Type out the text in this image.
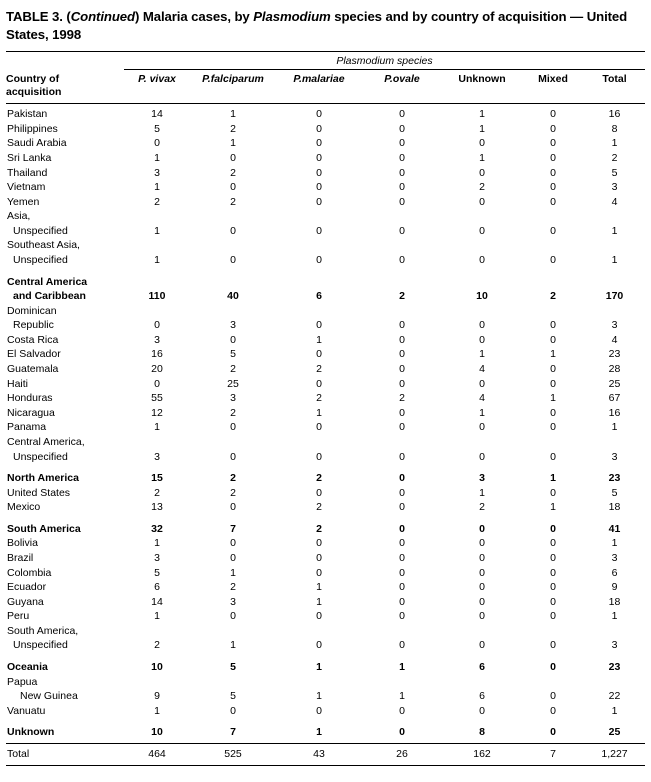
TABLE 3. (Continued) Malaria cases, by Plasmodium species and by country of acquisition — United States, 1998

	Plasmodium species						

Country of
acquisition	P. vivax	P.falciparum	P.malariae	P.ovale	Unknown	Mixed	Total

Pakistan	14	1	0	0	1	0	16
Philippines	5	2	0	0	1	0	8
Saudi Arabia	0	1	0	0	0	0	1
Sri Lanka	1	0	0	0	1	0	2
Thailand	3	2	0	0	0	0	5
Vietnam	1	0	0	0	2	0	3
Yemen	2	2	0	0	0	0	4
Asia,							
Unspecified	1	0	0	0	0	0	1
Southeast Asia,							
Unspecified	1	0	0	0	0	0	1

Central America							
and Caribbean	110	40	6	2	10	2	170
Dominican							
Republic	0	3	0	0	0	0	3
Costa Rica	3	0	1	0	0	0	4
El Salvador	16	5	0	0	1	1	23
Guatemala	20	2	2	0	4	0	28
Haiti	0	25	0	0	0	0	25
Honduras	55	3	2	2	4	1	67
Nicaragua	12	2	1	0	1	0	16
Panama	1	0	0	0	0	0	1
Central America,							
Unspecified	3	0	0	0	0	0	3

North America	15	2	2	0	3	1	23
United States	2	2	0	0	1	0	5
Mexico	13	0	2	0	2	1	18

South America	32	7	2	0	0	0	41
Bolivia	1	0	0	0	0	0	1
Brazil	3	0	0	0	0	0	3
Colombia	5	1	0	0	0	0	6
Ecuador	6	2	1	0	0	0	9
Guyana	14	3	1	0	0	0	18
Peru	1	0	0	0	0	0	1
South America,							
Unspecified	2	1	0	0	0	0	3

Oceania	10	5	1	1	6	0	23
Papua							
New Guinea	9	5	1	1	6	0	22
Vanuatu	1	0	0	0	0	0	1

Unknown	10	7	1	0	8	0	25

Total	464	525	43	26	162	7	1,227
